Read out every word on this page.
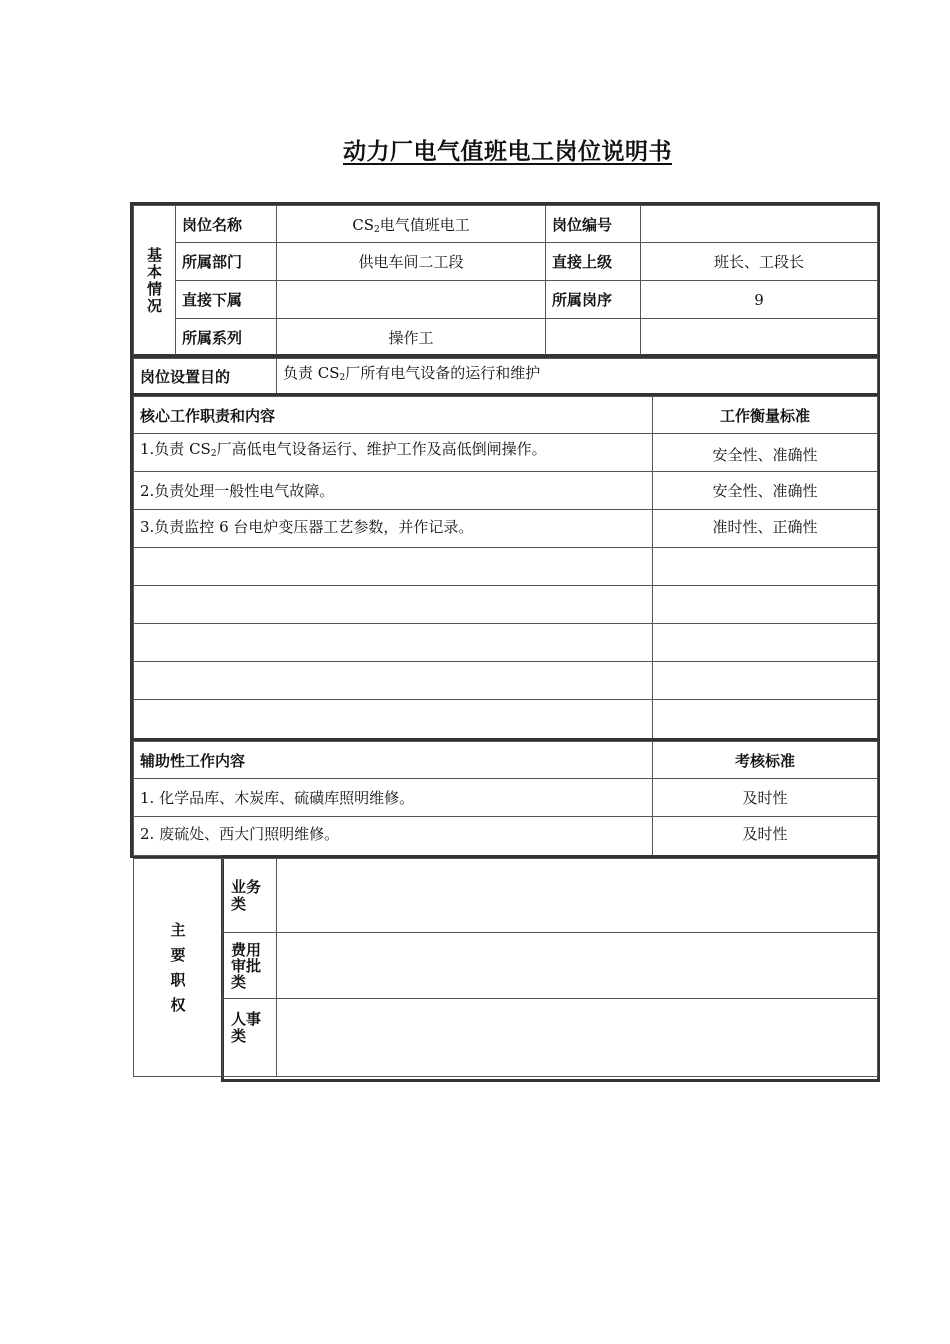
动力厂电气值班电工岗位说明书
基本情况	岗位名称	$CS_2$电气值班电工	岗位编号	
	所属部门	供电车间二工段	直接上级	班长、工段长
	直接下属		所属岗序	9
	所属系列	操作工		
岗位设置目的	负责 $CS_2$厂所有电气设备的运行和维护
核心工作职责和内容	工作衡量标准
1.负责 $CS_2$厂高低电气设备运行、维护工作及高低倒闸操作。	安全性、准确性
2.负责处理一般性电气故障。	安全性、准确性
3.负责监控 6 台电炉变压器工艺参数，并作记录。	准时性、正确性

辅助性工作内容	考核标准
1. 化学品库、木炭库、硫磺库照明维修。	及时性
2. 废硫处、西大门照明维修。	及时性
主要职权	业务类	
	费用审批类	
	人事类	
